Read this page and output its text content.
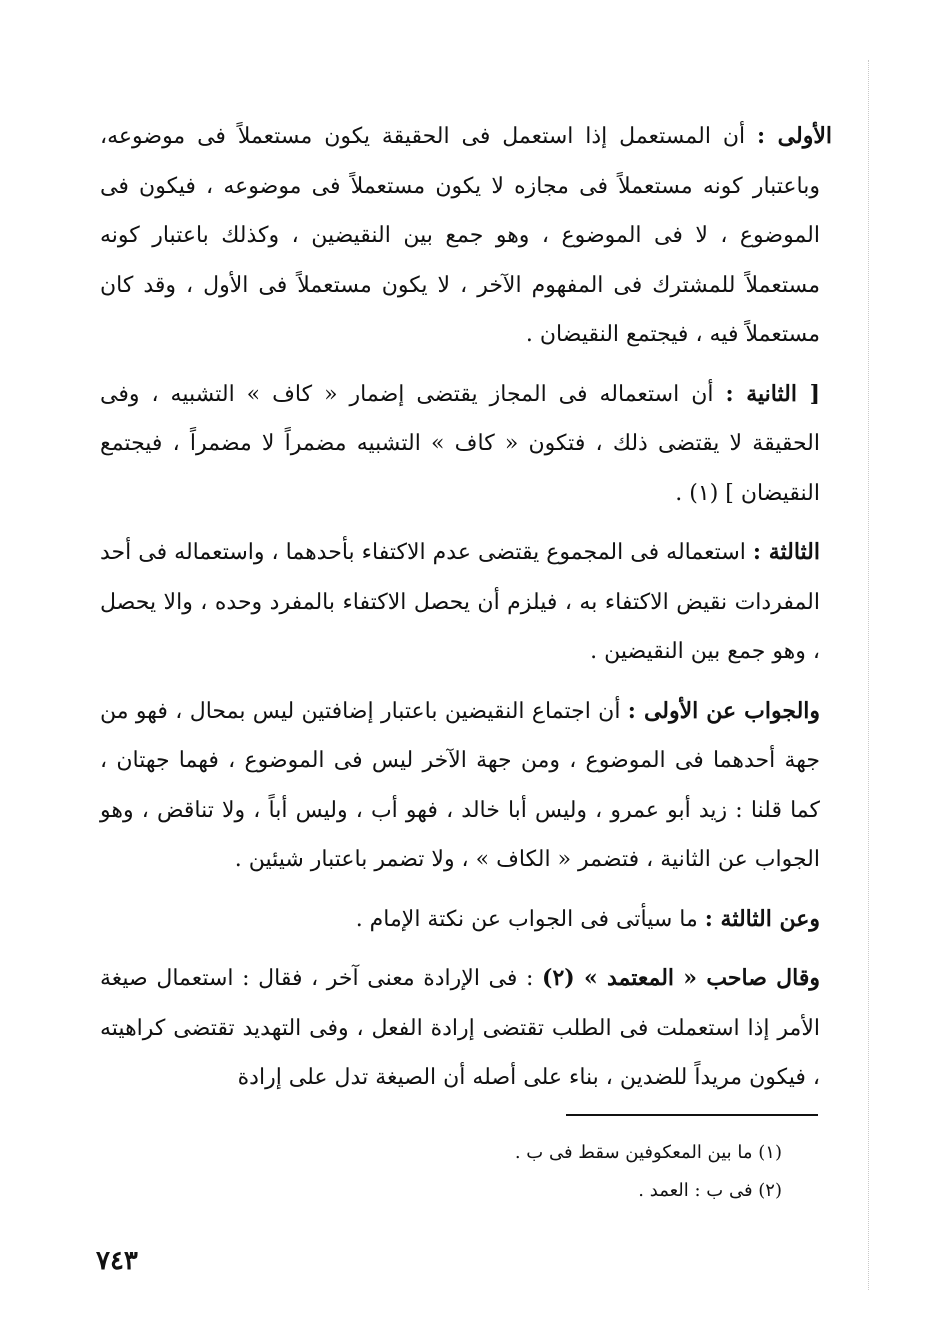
الأولى : أن المستعمل إذا استعمل فى الحقيقة يكون مستعملاً فى موضوعه، وباعتبار كونه مستعملاً فى مجازه لا يكون مستعملاً فى موضوعه ، فيكون فى الموضوع ، لا فى الموضوع ، وهو جمع بين النقيضين ، وكذلك باعتبار كونه مستعملاً للمشترك فى المفهوم الآخر ، لا يكون مستعملاً فى الأول ، وقد كان مستعملاً فيه ، فيجتمع النقيضان .

[ الثانية : أن استعماله فى المجاز يقتضى إضمار « كاف » التشبيه ، وفى الحقيقة لا يقتضى ذلك ، فتكون « كاف » التشبيه مضمراً لا مضمراً ، فيجتمع النقيضان ] (١) .

الثالثة : استعماله فى المجموع يقتضى عدم الاكتفاء بأحدهما ، واستعماله فى أحد المفردات نقيض الاكتفاء به ، فيلزم أن يحصل الاكتفاء بالمفرد وحده ، والا يحصل ، وهو جمع بين النقيضين .

والجواب عن الأولى : أن اجتماع النقيضين باعتبار إضافتين ليس بمحال ، فهو من جهة أحدهما فى الموضوع ، ومن جهة الآخر ليس فى الموضوع ، فهما جهتان ، كما قلنا : زيد أبو عمرو ، وليس أبا خالد ، فهو أب ، وليس أباً ، ولا تناقض ، وهو الجواب عن الثانية ، فتضمر « الكاف » ، ولا تضمر باعتبار شيئين .

وعن الثالثة : ما سيأتى فى الجواب عن نكتة الإمام .

وقال صاحب « المعتمد » (٢) : فى الإرادة معنى آخر ، فقال : استعمال صيغة الأمر إذا استعملت فى الطلب تقتضى إرادة الفعل ، وفى التهديد تقتضى كراهيته ، فيكون مريداً للضدين ، بناء على أصله أن الصيغة تدل على إرادة

(١) ما بين المعكوفين سقط فى ب .
(٢) فى ب : العمد .
٧٤٣
